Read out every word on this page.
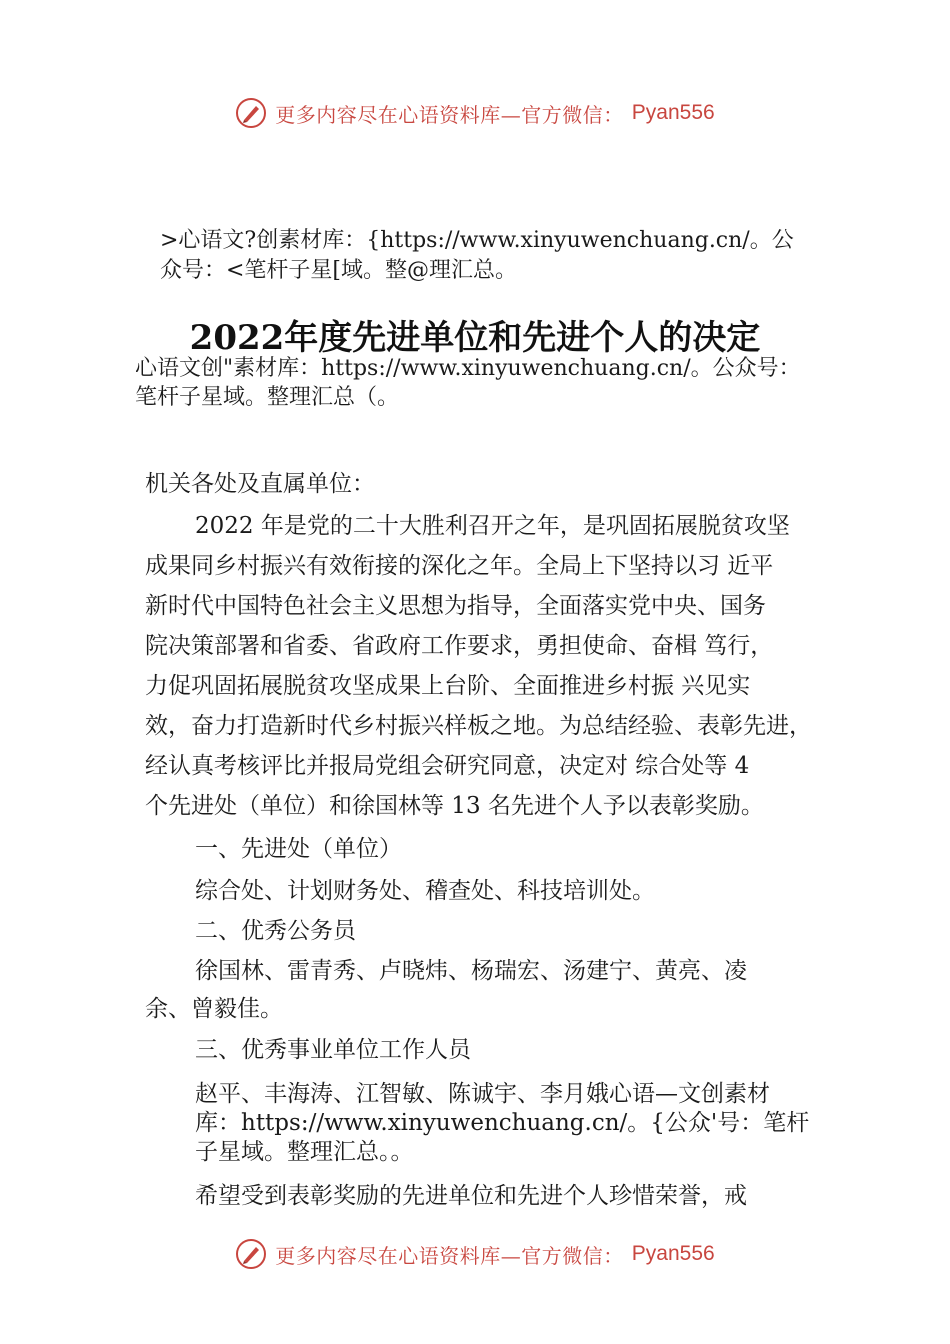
更多内容尽在心语资料库—官方微信： Pyan556
>心语文?创素材库：{https://www.xinyuwenchuang.cn/。公
众号：<笔杆子星[域。整@理汇总。
2022年度先进单位和先进个人的决定
心语文创"素材库：https://www.xinyuwenchuang.cn/。公众号：
笔杆子星域。整理汇总（。
机关各处及直属单位：
2022 年是党的二十大胜利召开之年，是巩固拓展脱贫攻坚
成果同乡村振兴有效衔接的深化之年。全局上下坚持以习 近平
新时代中国特色社会主义思想为指导，全面落实党中央、国务
院决策部署和省委、省政府工作要求，勇担使命、奋楫 笃行，
力促巩固拓展脱贫攻坚成果上台阶、全面推进乡村振 兴见实
效，奋力打造新时代乡村振兴样板之地。为总结经验、表彰先进，
经认真考核评比并报局党组会研究同意，决定对 综合处等 4
个先进处（单位）和徐国林等 13 名先进个人予以表彰奖励。
一、先进处（单位）
综合处、计划财务处、稽查处、科技培训处。
二、优秀公务员
徐国林、雷青秀、卢晓炜、杨瑞宏、汤建宁、黄亮、凌
余、曾毅佳。
三、优秀事业单位工作人员
赵平、丰海涛、江智敏、陈诚宇、李月娥心语—文创素材
库：https://www.xinyuwenchuang.cn/。{公众'号：笔杆
子星域。整理汇总。。
希望受到表彰奖励的先进单位和先进个人珍惜荣誉，戒
更多内容尽在心语资料库—官方微信： Pyan556
